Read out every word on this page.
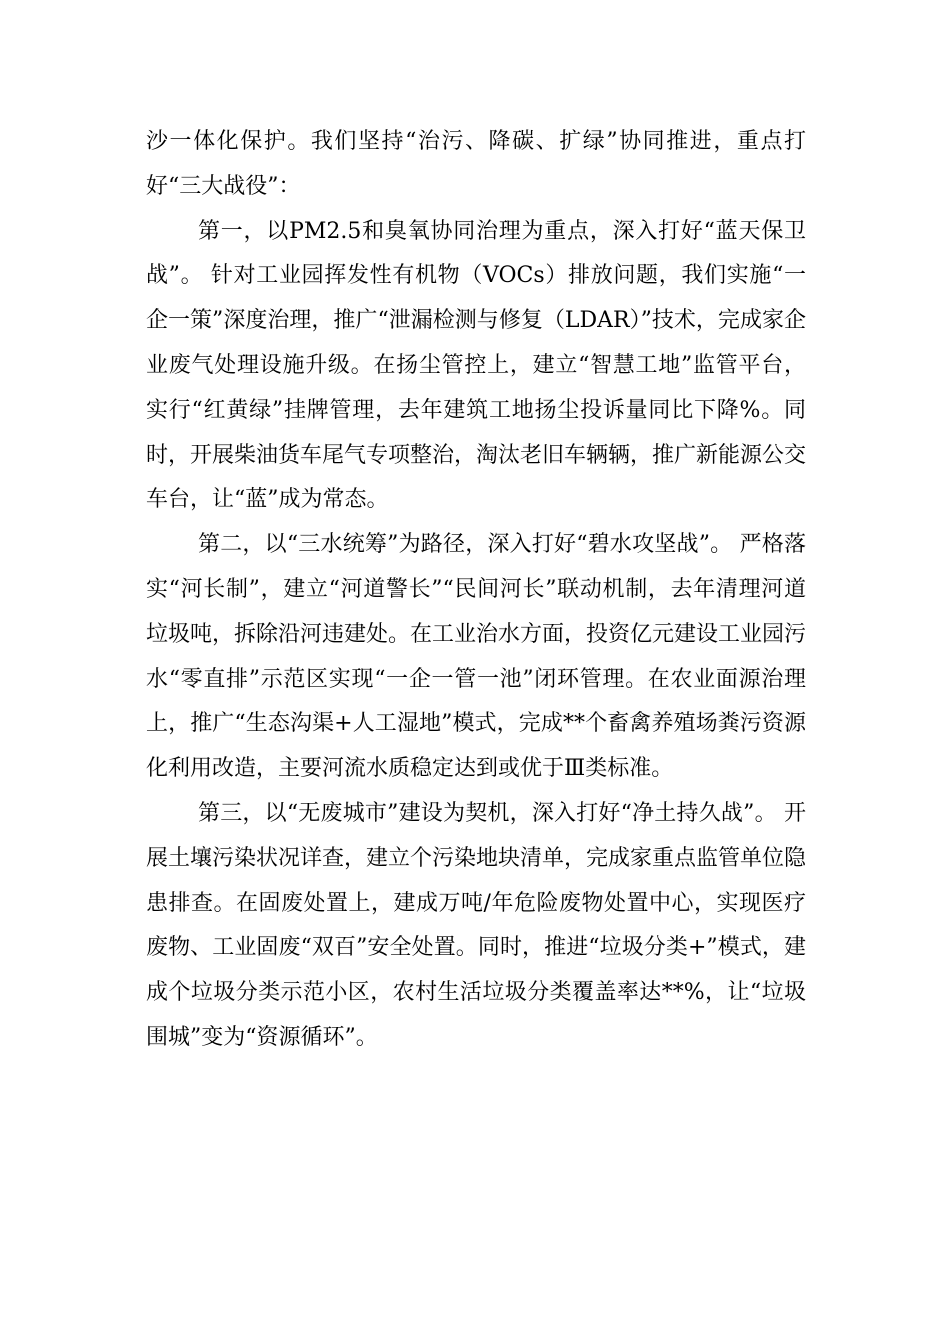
沙一体化保护。我们坚持“治污、降碳、扩绿”协同推进，重点打好“三大战役”：

第一，以PM2.5和臭氧协同治理为重点，深入打好“蓝天保卫战”。 针对工业园挥发性有机物（VOCs）排放问题，我们实施“一企一策”深度治理，推广“泄漏检测与修复（LDAR）”技术，完成家企业废气处理设施升级。在扬尘管控上，建立“智慧工地”监管平台，实行“红黄绿”挂牌管理，去年建筑工地扬尘投诉量同比下降%。同时，开展柴油货车尾气专项整治，淘汰老旧车辆辆，推广新能源公交车台，让“蓝”成为常态。

第二，以“三水统筹”为路径，深入打好“碧水攻坚战”。 严格落实“河长制”，建立“河道警长”“民间河长”联动机制，去年清理河道垃圾吨，拆除沿河违建处。在工业治水方面，投资亿元建设工业园污水“零直排”示范区实现“一企一管一池”闭环管理。在农业面源治理上，推广“生态沟渠+人工湿地”模式，完成**个畜禽养殖场粪污资源化利用改造，主要河流水质稳定达到或优于Ⅲ类标准。

第三，以“无废城市”建设为契机，深入打好“净土持久战”。 开展土壤污染状况详查，建立个污染地块清单，完成家重点监管单位隐患排查。在固废处置上，建成万吨/年危险废物处置中心，实现医疗废物、工业固废“双百”安全处置。同时，推进“垃圾分类+”模式，建成个垃圾分类示范小区，农村生活垃圾分类覆盖率达**%，让“垃圾围城”变为“资源循环”。
